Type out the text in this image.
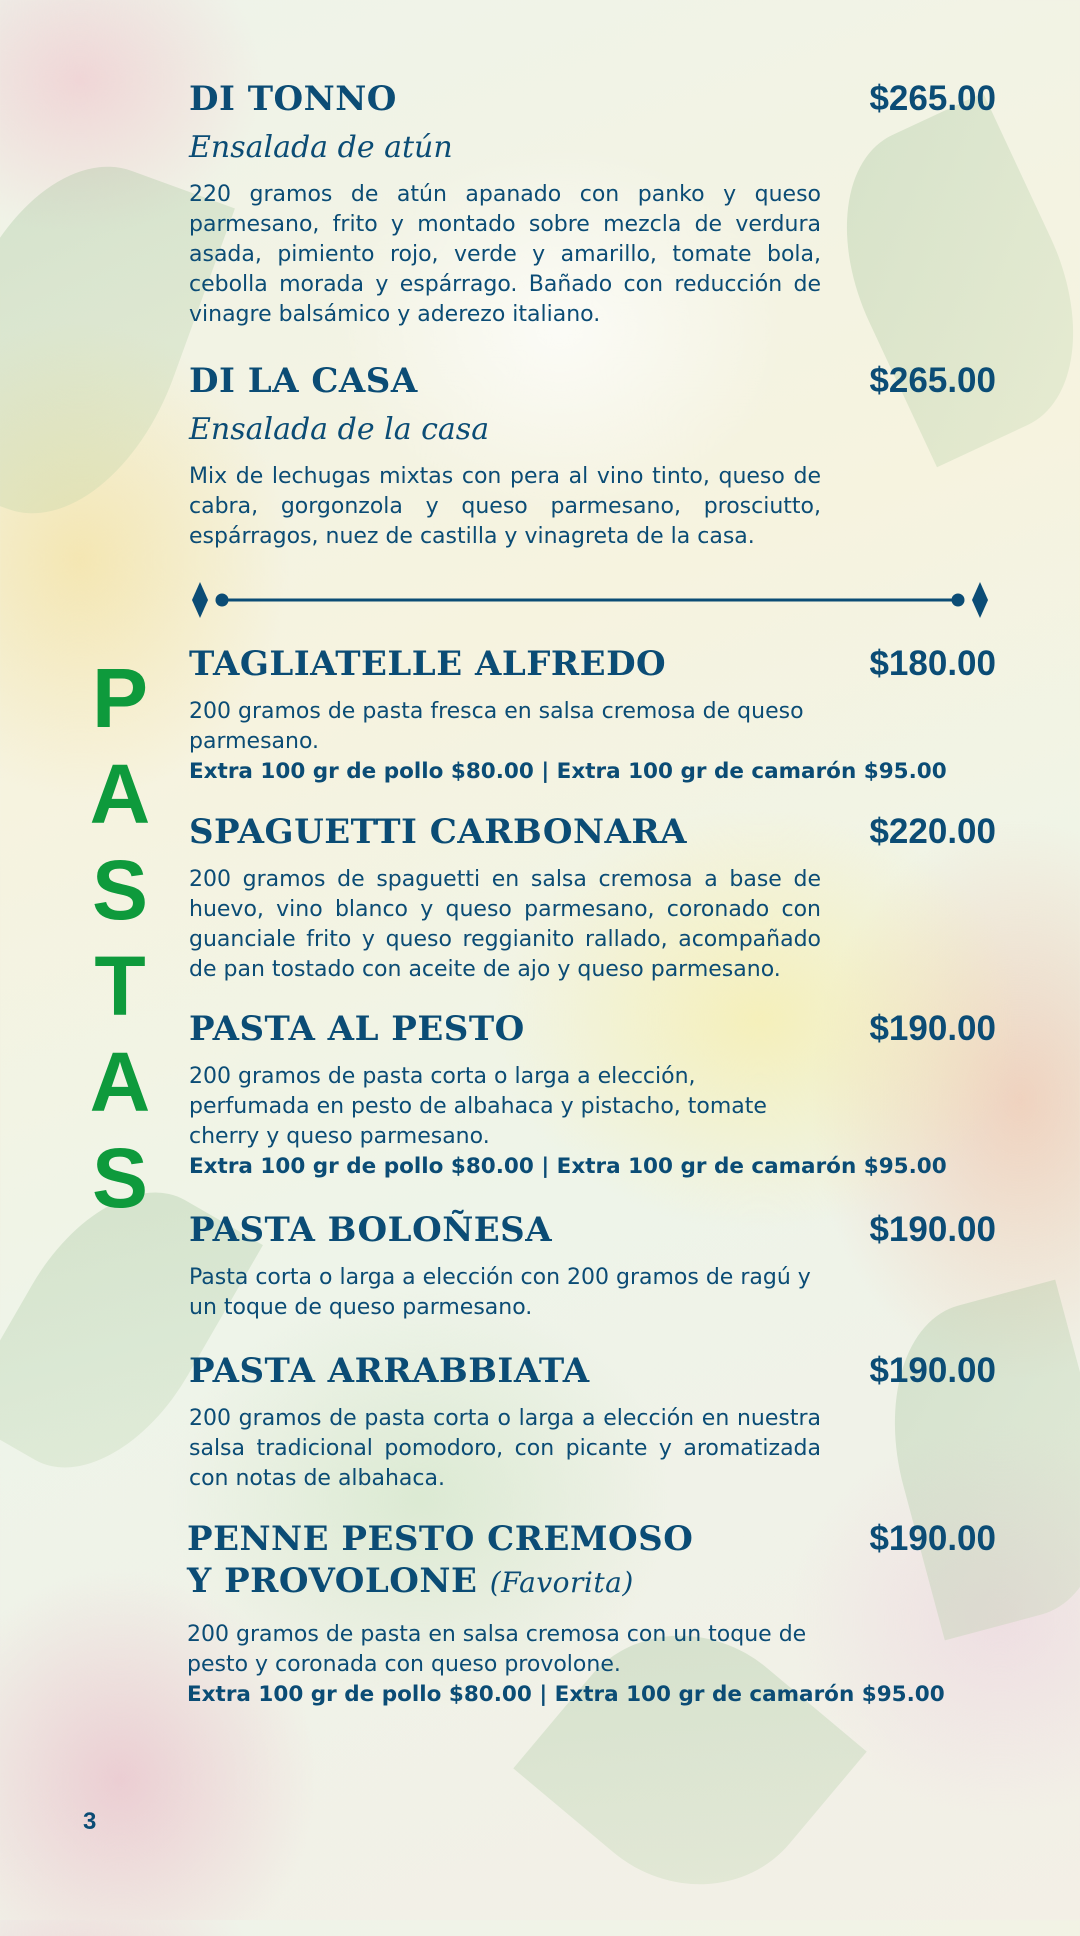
DI TONNO	$265.00
Ensalada de atún
220 gramos de atún apanado con panko y queso parmesano, frito y montado sobre mezcla de verdura asada, pimiento rojo, verde y amarillo, tomate bola, cebolla morada y espárrago. Bañado con reducción de vinagre balsámico y aderezo italiano.
DI LA CASA	$265.00
Ensalada de la casa
Mix de lechugas mixtas con pera al vino tinto, queso de cabra, gorgonzola y queso parmesano, prosciutto, espárragos, nuez de castilla y vinagreta de la casa.
P
A
S
T
A
S
TAGLIATELLE ALFREDO	$180.00
200 gramos de pasta fresca en salsa cremosa de queso parmesano.
Extra 100 gr de pollo $80.00 | Extra 100 gr de camarón $95.00
SPAGUETTI CARBONARA	$220.00
200 gramos de spaguetti en salsa cremosa a base de huevo, vino blanco y queso parmesano, coronado con guanciale frito y queso reggianito rallado, acompañado de pan tostado con aceite de ajo y queso parmesano.
PASTA AL PESTO	$190.00
200 gramos de pasta corta o larga a elección, perfumada en pesto de albahaca y pistacho, tomate cherry y queso parmesano.
Extra 100 gr de pollo $80.00 | Extra 100 gr de camarón $95.00
PASTA BOLOÑESA	$190.00
Pasta corta o larga a elección con 200 gramos de ragú y un toque de queso parmesano.
PASTA ARRABBIATA	$190.00
200 gramos de pasta corta o larga a elección en nuestra salsa tradicional pomodoro, con picante y aromatizada con notas de albahaca.
PENNE PESTO CREMOSO
Y PROVOLONE (Favorita)
$190.00
200 gramos de pasta en salsa cremosa con un toque de pesto y coronada con queso provolone.
Extra 100 gr de pollo $80.00 | Extra 100 gr de camarón $95.00
3
